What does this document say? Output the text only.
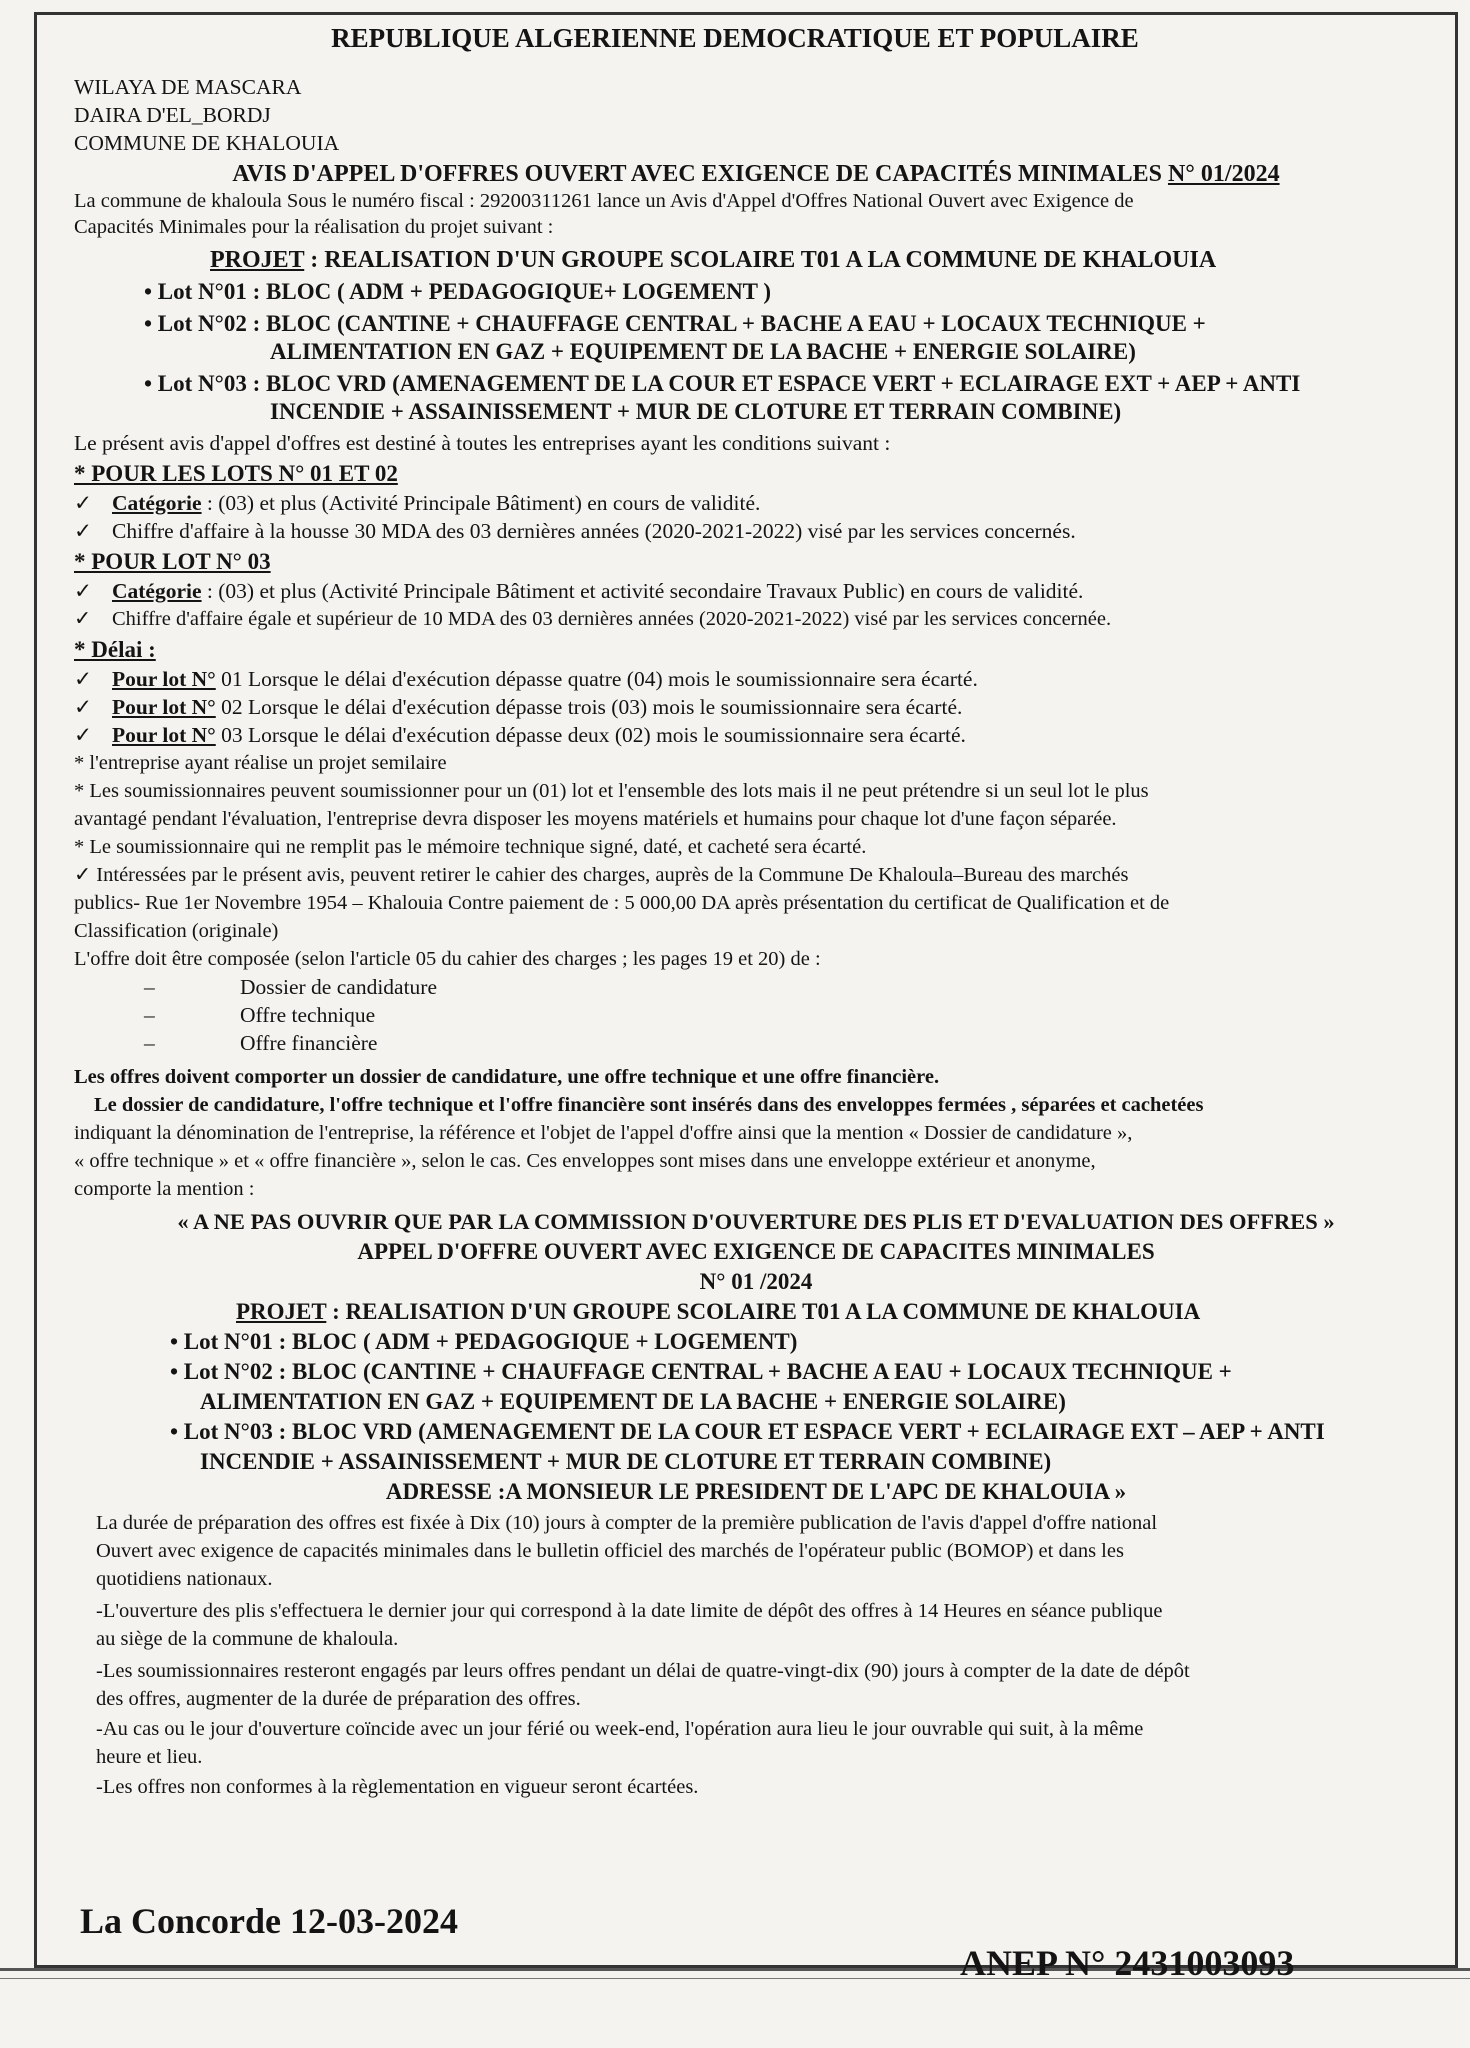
REPUBLIQUE ALGERIENNE DEMOCRATIQUE ET POPULAIRE
WILAYA DE MASCARA
DAIRA D'EL_BORDJ
COMMUNE DE KHALOUIA
AVIS D'APPEL D'OFFRES OUVERT AVEC EXIGENCE DE CAPACITÉS MINIMALES N° 01/2024
La commune de khaloula Sous le numéro fiscal : 29200311261 lance un Avis d'Appel d'Offres National Ouvert avec Exigence de
Capacités Minimales pour la réalisation du projet suivant :
PROJET : REALISATION D'UN GROUPE SCOLAIRE T01 A LA COMMUNE DE KHALOUIA
• Lot N°01 : BLOC ( ADM + PEDAGOGIQUE+ LOGEMENT )
• Lot N°02 : BLOC (CANTINE + CHAUFFAGE CENTRAL + BACHE A EAU + LOCAUX TECHNIQUE +
ALIMENTATION EN GAZ + EQUIPEMENT DE LA BACHE + ENERGIE SOLAIRE)
• Lot N°03 : BLOC VRD (AMENAGEMENT DE LA COUR ET ESPACE VERT + ECLAIRAGE EXT + AEP + ANTI
INCENDIE + ASSAINISSEMENT + MUR DE CLOTURE ET TERRAIN COMBINE)
Le présent avis d'appel d'offres est destiné à toutes les entreprises ayant les conditions suivant :
* POUR LES LOTS N° 01 ET 02
✓ Catégorie : (03) et plus (Activité Principale Bâtiment) en cours de validité.
✓ Chiffre d'affaire à la housse 30 MDA des 03 dernières années (2020-2021-2022) visé par les services concernés.
* POUR LOT N° 03
✓ Catégorie : (03) et plus (Activité Principale Bâtiment et activité secondaire Travaux Public) en cours de validité.
✓ Chiffre d'affaire égale et supérieur de 10 MDA des 03 dernières années (2020-2021-2022) visé par les services concernée.
* Délai :
✓ Pour lot N° 01 Lorsque le délai d'exécution dépasse quatre (04) mois le soumissionnaire sera écarté.
✓ Pour lot N° 02 Lorsque le délai d'exécution dépasse trois (03) mois le soumissionnaire sera écarté.
✓ Pour lot N° 03 Lorsque le délai d'exécution dépasse deux (02) mois le soumissionnaire sera écarté.
* l'entreprise ayant réalise un projet semilaire
* Les soumissionnaires peuvent soumissionner pour un (01) lot et l'ensemble des lots mais il ne peut prétendre si un seul lot le plus
avantagé pendant l'évaluation, l'entreprise devra disposer les moyens matériels et humains pour chaque lot d'une façon séparée.
* Le soumissionnaire qui ne remplit pas le mémoire technique signé, daté, et cacheté sera écarté.
✓ Intéressées par le présent avis, peuvent retirer le cahier des charges, auprès de la Commune De Khaloula–Bureau des marchés
publics- Rue 1er Novembre 1954 – Khalouia Contre paiement de : 5 000,00 DA après présentation du certificat de Qualification et de
Classification (originale)
L'offre doit être composée (selon l'article 05 du cahier des charges ; les pages 19 et 20) de :
–	Dossier de candidature
–	Offre technique
–	Offre financière
Les offres doivent comporter un dossier de candidature, une offre technique et une offre financière.
Le dossier de candidature, l'offre technique et l'offre financière sont insérés dans des enveloppes fermées , séparées et cachetées
indiquant la dénomination de l'entreprise, la référence et l'objet de l'appel d'offre ainsi que la mention « Dossier de candidature »,
« offre technique » et « offre financière », selon le cas. Ces enveloppes sont mises dans une enveloppe extérieur et anonyme,
comporte la mention :
« A NE PAS OUVRIR QUE PAR LA COMMISSION D'OUVERTURE DES PLIS ET D'EVALUATION DES OFFRES »
APPEL D'OFFRE OUVERT AVEC EXIGENCE DE CAPACITES MINIMALES
N° 01 /2024
PROJET : REALISATION D'UN GROUPE SCOLAIRE T01 A LA COMMUNE DE KHALOUIA
• Lot N°01 : BLOC ( ADM + PEDAGOGIQUE + LOGEMENT)
• Lot N°02 : BLOC (CANTINE + CHAUFFAGE CENTRAL + BACHE A EAU + LOCAUX TECHNIQUE +
ALIMENTATION EN GAZ + EQUIPEMENT DE LA BACHE + ENERGIE SOLAIRE)
• Lot N°03 : BLOC VRD (AMENAGEMENT DE LA COUR ET ESPACE VERT + ECLAIRAGE EXT – AEP + ANTI
INCENDIE + ASSAINISSEMENT + MUR DE CLOTURE ET TERRAIN COMBINE)
ADRESSE :A MONSIEUR LE PRESIDENT DE L'APC DE KHALOUIA »
La durée de préparation des offres est fixée à Dix (10) jours à compter de la première publication de l'avis d'appel d'offre national
Ouvert avec exigence de capacités minimales dans le bulletin officiel des marchés de l'opérateur public (BOMOP) et dans les
quotidiens nationaux.
-L'ouverture des plis s'effectuera le dernier jour qui correspond à la date limite de dépôt des offres à 14 Heures en séance publique
au siège de la commune de khaloula.
-Les soumissionnaires resteront engagés par leurs offres pendant un délai de quatre-vingt-dix (90) jours à compter de la date de dépôt
des offres, augmenter de la durée de préparation des offres.
-Au cas ou le jour d'ouverture coïncide avec un jour férié ou week-end, l'opération aura lieu le jour ouvrable qui suit, à la même
heure et lieu.
-Les offres non conformes à la règlementation en vigueur seront écartées.
La Concorde 12-03-2024
ANEP N° 2431003093
